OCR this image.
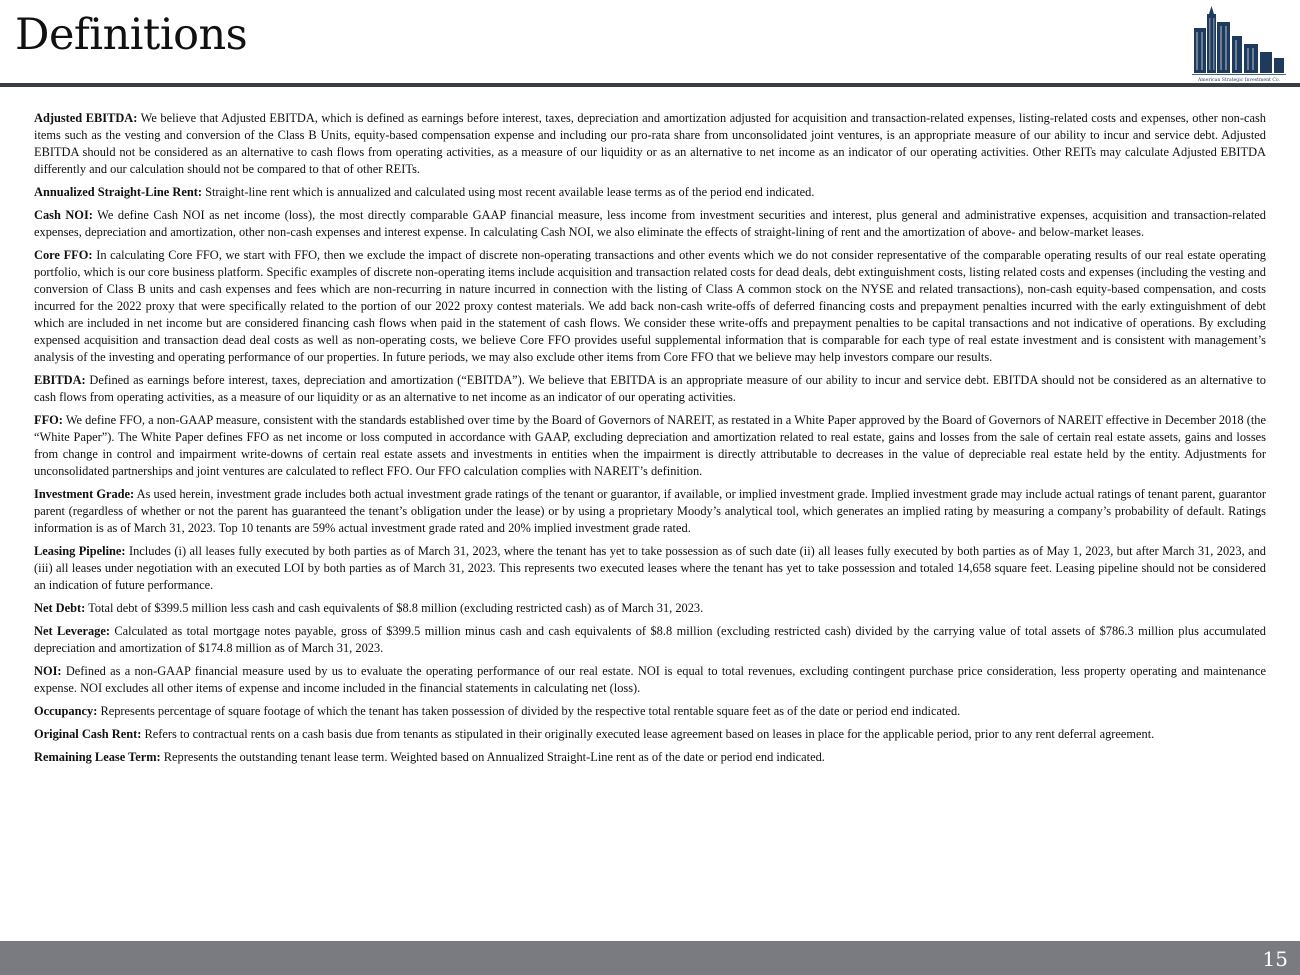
Definitions
American Strategic Investment Co.

Adjusted EBITDA: We believe that Adjusted EBITDA, which is defined as earnings before interest, taxes, depreciation and amortization adjusted for acquisition and transaction-related expenses, listing-related costs and expenses, other non-cash items such as the vesting and conversion of the Class B Units, equity-based compensation expense and including our pro-rata share from unconsolidated joint ventures, is an appropriate measure of our ability to incur and service debt. Adjusted EBITDA should not be considered as an alternative to cash flows from operating activities, as a measure of our liquidity or as an alternative to net income as an indicator of our operating activities. Other REITs may calculate Adjusted EBITDA differently and our calculation should not be compared to that of other REITs.

Annualized Straight-Line Rent: Straight-line rent which is annualized and calculated using most recent available lease terms as of the period end indicated.

Cash NOI: We define Cash NOI as net income (loss), the most directly comparable GAAP financial measure, less income from investment securities and interest, plus general and administrative expenses, acquisition and transaction-related expenses, depreciation and amortization, other non-cash expenses and interest expense. In calculating Cash NOI, we also eliminate the effects of straight-lining of rent and the amortization of above- and below-market leases.

Core FFO: In calculating Core FFO, we start with FFO, then we exclude the impact of discrete non-operating transactions and other events which we do not consider representative of the comparable operating results of our real estate operating portfolio, which is our core business platform. Specific examples of discrete non-operating items include acquisition and transaction related costs for dead deals, debt extinguishment costs, listing related costs and expenses (including the vesting and conversion of Class B units and cash expenses and fees which are non-recurring in nature incurred in connection with the listing of Class A common stock on the NYSE and related transactions), non-cash equity-based compensation, and costs incurred for the 2022 proxy that were specifically related to the portion of our 2022 proxy contest materials. We add back non-cash write-offs of deferred financing costs and prepayment penalties incurred with the early extinguishment of debt which are included in net income but are considered financing cash flows when paid in the statement of cash flows. We consider these write-offs and prepayment penalties to be capital transactions and not indicative of operations. By excluding expensed acquisition and transaction dead deal costs as well as non-operating costs, we believe Core FFO provides useful supplemental information that is comparable for each type of real estate investment and is consistent with management’s analysis of the investing and operating performance of our properties. In future periods, we may also exclude other items from Core FFO that we believe may help investors compare our results.

EBITDA: Defined as earnings before interest, taxes, depreciation and amortization (“EBITDA”). We believe that EBITDA is an appropriate measure of our ability to incur and service debt. EBITDA should not be considered as an alternative to cash flows from operating activities, as a measure of our liquidity or as an alternative to net income as an indicator of our operating activities.

FFO: We define FFO, a non-GAAP measure, consistent with the standards established over time by the Board of Governors of NAREIT, as restated in a White Paper approved by the Board of Governors of NAREIT effective in December 2018 (the “White Paper”). The White Paper defines FFO as net income or loss computed in accordance with GAAP, excluding depreciation and amortization related to real estate, gains and losses from the sale of certain real estate assets, gains and losses from change in control and impairment write-downs of certain real estate assets and investments in entities when the impairment is directly attributable to decreases in the value of depreciable real estate held by the entity. Adjustments for unconsolidated partnerships and joint ventures are calculated to reflect FFO. Our FFO calculation complies with NAREIT’s definition.

Investment Grade: As used herein, investment grade includes both actual investment grade ratings of the tenant or guarantor, if available, or implied investment grade. Implied investment grade may include actual ratings of tenant parent, guarantor parent (regardless of whether or not the parent has guaranteed the tenant’s obligation under the lease) or by using a proprietary Moody’s analytical tool, which generates an implied rating by measuring a company’s probability of default. Ratings information is as of March 31, 2023. Top 10 tenants are 59% actual investment grade rated and 20% implied investment grade rated.

Leasing Pipeline: Includes (i) all leases fully executed by both parties as of March 31, 2023, where the tenant has yet to take possession as of such date (ii) all leases fully executed by both parties as of May 1, 2023, but after March 31, 2023, and (iii) all leases under negotiation with an executed LOI by both parties as of March 31, 2023. This represents two executed leases where the tenant has yet to take possession and totaled 14,658 square feet. Leasing pipeline should not be considered an indication of future performance.

Net Debt: Total debt of $399.5 million less cash and cash equivalents of $8.8 million (excluding restricted cash) as of March 31, 2023.

Net Leverage: Calculated as total mortgage notes payable, gross of $399.5 million minus cash and cash equivalents of $8.8 million (excluding restricted cash) divided by the carrying value of total assets of $786.3 million plus accumulated depreciation and amortization of $174.8 million as of March 31, 2023.

NOI: Defined as a non-GAAP financial measure used by us to evaluate the operating performance of our real estate. NOI is equal to total revenues, excluding contingent purchase price consideration, less property operating and maintenance expense. NOI excludes all other items of expense and income included in the financial statements in calculating net (loss).

Occupancy: Represents percentage of square footage of which the tenant has taken possession of divided by the respective total rentable square feet as of the date or period end indicated.

Original Cash Rent: Refers to contractual rents on a cash basis due from tenants as stipulated in their originally executed lease agreement based on leases in place for the applicable period, prior to any rent deferral agreement.

Remaining Lease Term: Represents the outstanding tenant lease term. Weighted based on Annualized Straight-Line rent as of the date or period end indicated.

15
